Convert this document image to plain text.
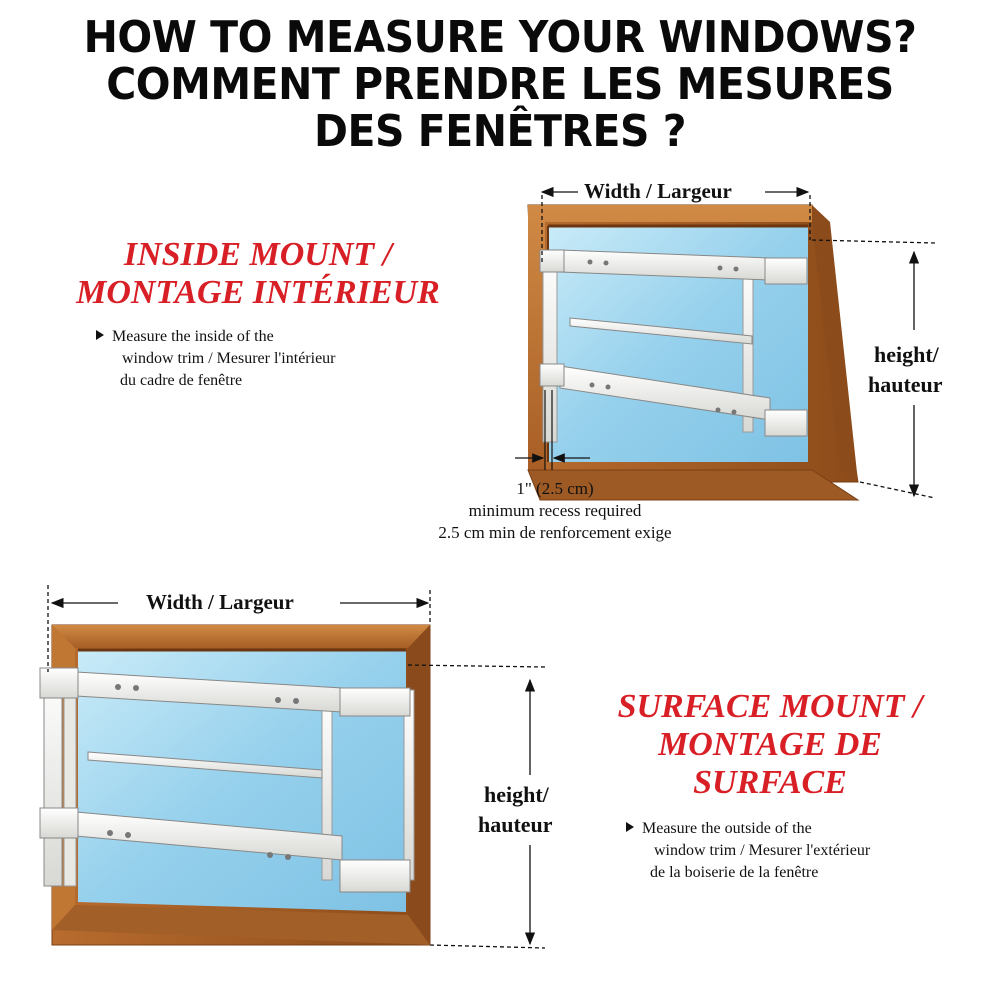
HOW TO MEASURE YOUR WINDOWS?
COMMENT PRENDRE LES MESURES
DES FENÊTRES ?
INSIDE MOUNT /
MONTAGE INTÉRIEUR
Measure the inside of the
window trim / Mesurer l'intérieur
du cadre de fenêtre
Width / Largeur
height/
hauteur
1" (2.5 cm)
minimum recess required
2.5 cm min de renforcement exige
Width / Largeur
height/
hauteur
SURFACE MOUNT /
MONTAGE DE
SURFACE
Measure the outside of the
window trim / Mesurer l'extérieur
de la boiserie de la fenêtre
